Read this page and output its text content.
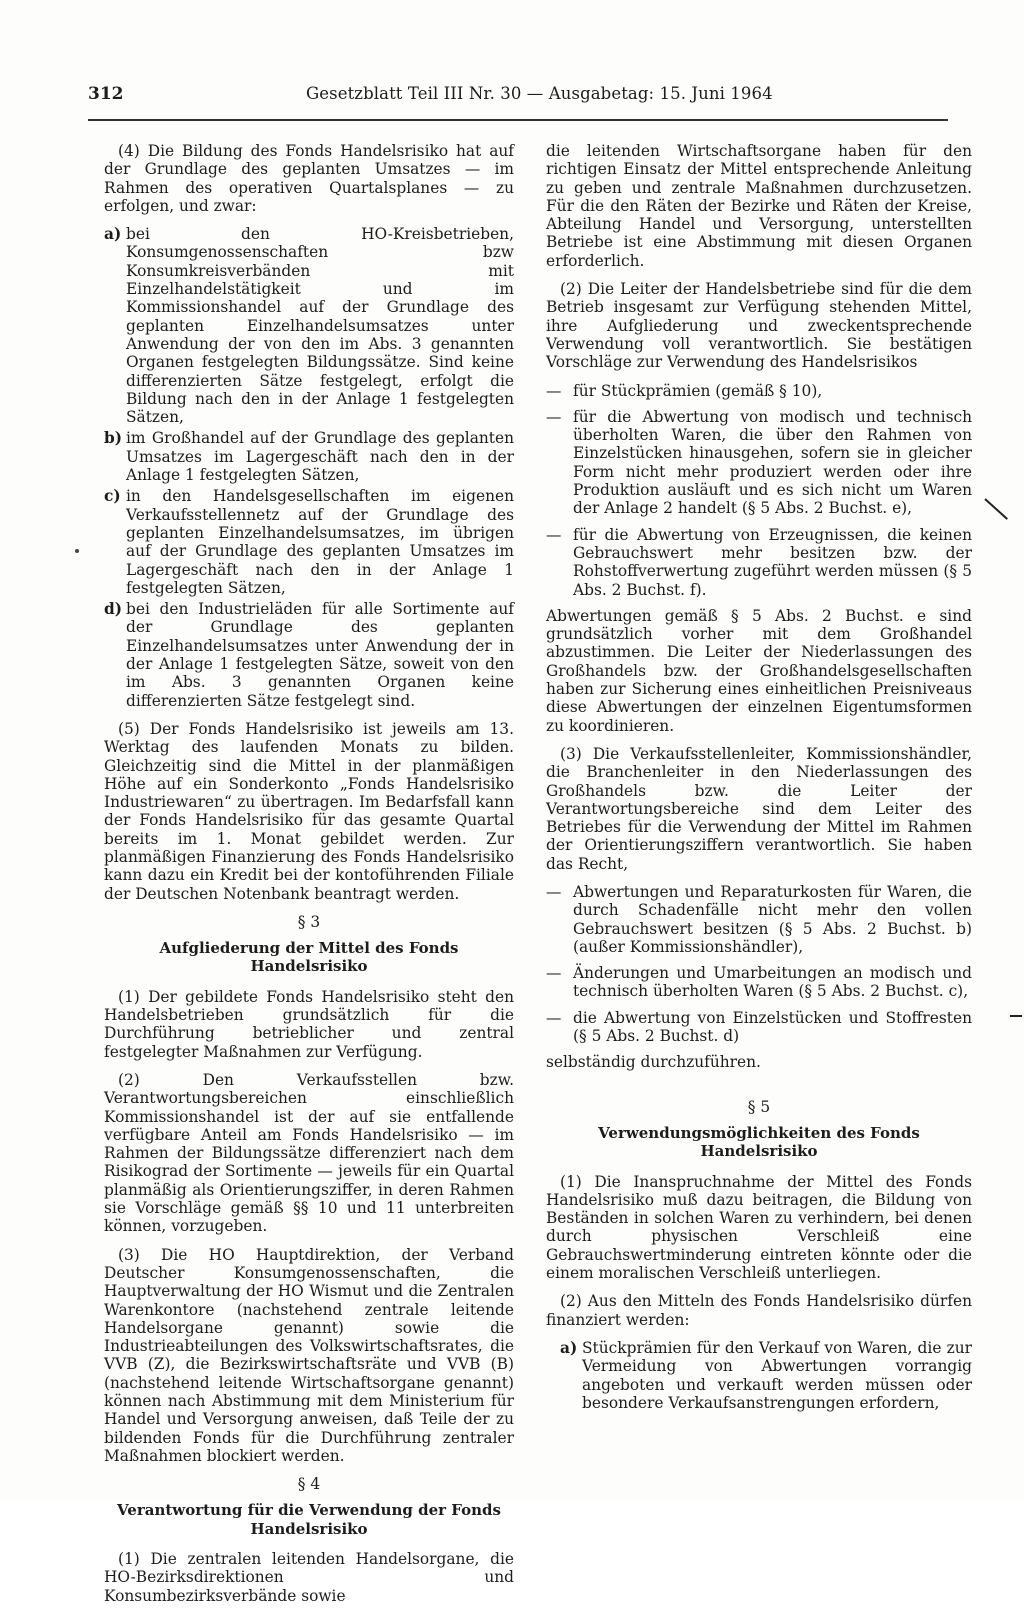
312	Gesetzblatt Teil III Nr. 30 — Ausgabetag: 15. Juni 1964

(4) Die Bildung des Fonds Handelsrisiko hat auf der Grundlage des geplanten Umsatzes — im Rahmen des operativen Quartalsplanes — zu erfolgen, und zwar:

a) bei den HO-Kreisbetrieben, Konsumgenossenschaften bzw Konsumkreisverbänden mit Einzelhandelstätigkeit und im Kommissionshandel auf der Grundlage des geplanten Einzelhandelsumsatzes unter Anwendung der von den im Abs. 3 genannten Organen festgelegten Bildungssätze. Sind keine differenzierten Sätze festgelegt, erfolgt die Bildung nach den in der Anlage 1 festgelegten Sätzen,
b) im Großhandel auf der Grundlage des geplanten Umsatzes im Lagergeschäft nach den in der Anlage 1 festgelegten Sätzen,
c) in den Handelsgesellschaften im eigenen Verkaufsstellennetz auf der Grundlage des geplanten Einzelhandelsumsatzes, im übrigen auf der Grundlage des geplanten Umsatzes im Lagergeschäft nach den in der Anlage 1 festgelegten Sätzen,
d) bei den Industrieläden für alle Sortimente auf der Grundlage des geplanten Einzelhandelsumsatzes unter Anwendung der in der Anlage 1 festgelegten Sätze, soweit von den im Abs. 3 genannten Organen keine differenzierten Sätze festgelegt sind.

(5) Der Fonds Handelsrisiko ist jeweils am 13. Werktag des laufenden Monats zu bilden. Gleichzeitig sind die Mittel in der planmäßigen Höhe auf ein Sonderkonto „Fonds Handelsrisiko Industriewaren“ zu übertragen. Im Bedarfsfall kann der Fonds Handelsrisiko für das gesamte Quartal bereits im 1. Monat gebildet werden. Zur planmäßigen Finanzierung des Fonds Handelsrisiko kann dazu ein Kredit bei der kontoführenden Filiale der Deutschen Notenbank beantragt werden.

§ 3
Aufgliederung der Mittel des Fonds Handelsrisiko

(1) Der gebildete Fonds Handelsrisiko steht den Handelsbetrieben grundsätzlich für die Durchführung betrieblicher und zentral festgelegter Maßnahmen zur Verfügung.

(2) Den Verkaufsstellen bzw. Verantwortungsbereichen einschließlich Kommissionshandel ist der auf sie entfallende verfügbare Anteil am Fonds Handelsrisiko — im Rahmen der Bildungssätze differenziert nach dem Risikograd der Sortimente — jeweils für ein Quartal planmäßig als Orientierungsziffer, in deren Rahmen sie Vorschläge gemäß §§ 10 und 11 unterbreiten können, vorzugeben.

(3) Die HO Hauptdirektion, der Verband Deutscher Konsumgenossenschaften, die Hauptverwaltung der HO Wismut und die Zentralen Warenkontore (nachstehend zentrale leitende Handelsorgane genannt) sowie die Industrieabteilungen des Volkswirtschaftsrates, die VVB (Z), die Bezirkswirtschaftsräte und VVB (B) (nachstehend leitende Wirtschaftsorgane genannt) können nach Abstimmung mit dem Ministerium für Handel und Versorgung anweisen, daß Teile der zu bildenden Fonds für die Durchführung zentraler Maßnahmen blockiert werden.

§ 4
Verantwortung für die Verwendung der Fonds Handelsrisiko

(1) Die zentralen leitenden Handelsorgane, die HO-Bezirksdirektionen und Konsumbezirksverbände sowie

die leitenden Wirtschaftsorgane haben für den richtigen Einsatz der Mittel entsprechende Anleitung zu geben und zentrale Maßnahmen durchzusetzen. Für die den Räten der Bezirke und Räten der Kreise, Abteilung Handel und Versorgung, unterstellten Betriebe ist eine Abstimmung mit diesen Organen erforderlich.

(2) Die Leiter der Handelsbetriebe sind für die dem Betrieb insgesamt zur Verfügung stehenden Mittel, ihre Aufgliederung und zweckentsprechende Verwendung voll verantwortlich. Sie bestätigen Vorschläge zur Verwendung des Handelsrisikos

— für Stückprämien (gemäß § 10),
— für die Abwertung von modisch und technisch überholten Waren, die über den Rahmen von Einzelstücken hinausgehen, sofern sie in gleicher Form nicht mehr produziert werden oder ihre Produktion ausläuft und es sich nicht um Waren der Anlage 2 handelt (§ 5 Abs. 2 Buchst. e),
— für die Abwertung von Erzeugnissen, die keinen Gebrauchswert mehr besitzen bzw. der Rohstoffverwertung zugeführt werden müssen (§ 5 Abs. 2 Buchst. f).

Abwertungen gemäß § 5 Abs. 2 Buchst. e sind grundsätzlich vorher mit dem Großhandel abzustimmen. Die Leiter der Niederlassungen des Großhandels bzw. der Großhandelsgesellschaften haben zur Sicherung eines einheitlichen Preisniveaus diese Abwertungen der einzelnen Eigentumsformen zu koordinieren.

(3) Die Verkaufsstellenleiter, Kommissionshändler, die Branchenleiter in den Niederlassungen des Großhandels bzw. die Leiter der Verantwortungsbereiche sind dem Leiter des Betriebes für die Verwendung der Mittel im Rahmen der Orientierungsziffern verantwortlich. Sie haben das Recht,

— Abwertungen und Reparaturkosten für Waren, die durch Schadenfälle nicht mehr den vollen Gebrauchswert besitzen (§ 5 Abs. 2 Buchst. b) (außer Kommissionshändler),
— Änderungen und Umarbeitungen an modisch und technisch überholten Waren (§ 5 Abs. 2 Buchst. c),
— die Abwertung von Einzelstücken und Stoffresten (§ 5 Abs. 2 Buchst. d)

selbständig durchzuführen.

§ 5
Verwendungsmöglichkeiten des Fonds Handelsrisiko

(1) Die Inanspruchnahme der Mittel des Fonds Handelsrisiko muß dazu beitragen, die Bildung von Beständen in solchen Waren zu verhindern, bei denen durch physischen Verschleiß eine Gebrauchswertminderung eintreten könnte oder die einem moralischen Verschleiß unterliegen.

(2) Aus den Mitteln des Fonds Handelsrisiko dürfen finanziert werden:

a) Stückprämien für den Verkauf von Waren, die zur Vermeidung von Abwertungen vorrangig angeboten und verkauft werden müssen oder besondere Verkaufsanstrengungen erfordern,
